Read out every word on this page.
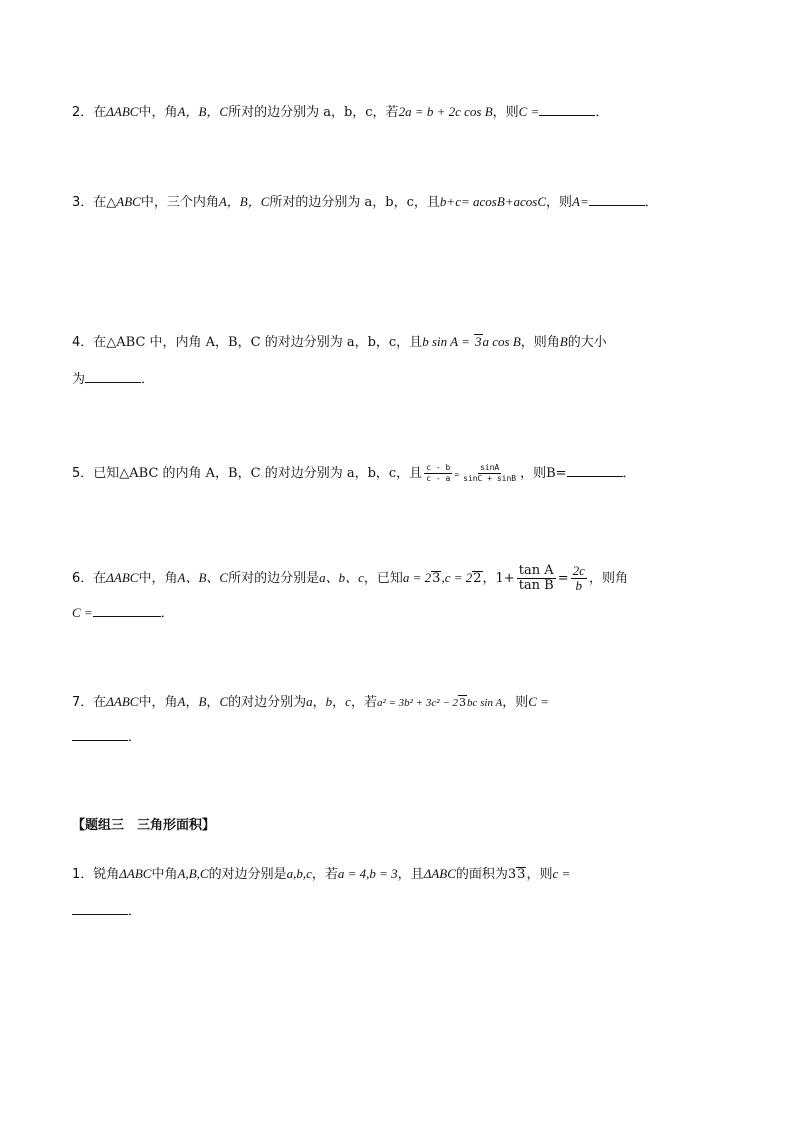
2．在ΔABC中，角A，B，C所对的边分别为 a，b，c，若2a = b + 2c cos B，则C =	．
3．在△ABC中，三个内角A，B，C所对的边分别为 a，b，c，且b+c= acosB+acosC，则A=	．
4．在△ABC 中，内角 A，B，C 的对边分别为 a，b，c，且b sin A = 3a cos B，则角B的大小
为	．
5．已知△ABC 的内角 A，B，C 的对边分别为 a，b，c，且 $\frac{c - b}{c - a} = \frac{\sin A}{\sin C + \sin B}$ ，则B=	．
6．在ΔABC中，角A、B、C所对的边分别是a、b、c，已知a = 23,c = 22，$1+ \frac{\text{tan A}}{\text{tan B}} = \frac{2c}{b}$ ，则角
C =	．
7．在ΔABC中，角A，B，C的对边分别为a，b，c，若a² = 3b² + 3c² − 23bc sin A，则C =
．
【题组三　三角形面积】
1．锐角ΔABC中角A,B,C的对边分别是a,b,c，若a = 4,b = 3，且ΔABC的面积为33，则c =
．
